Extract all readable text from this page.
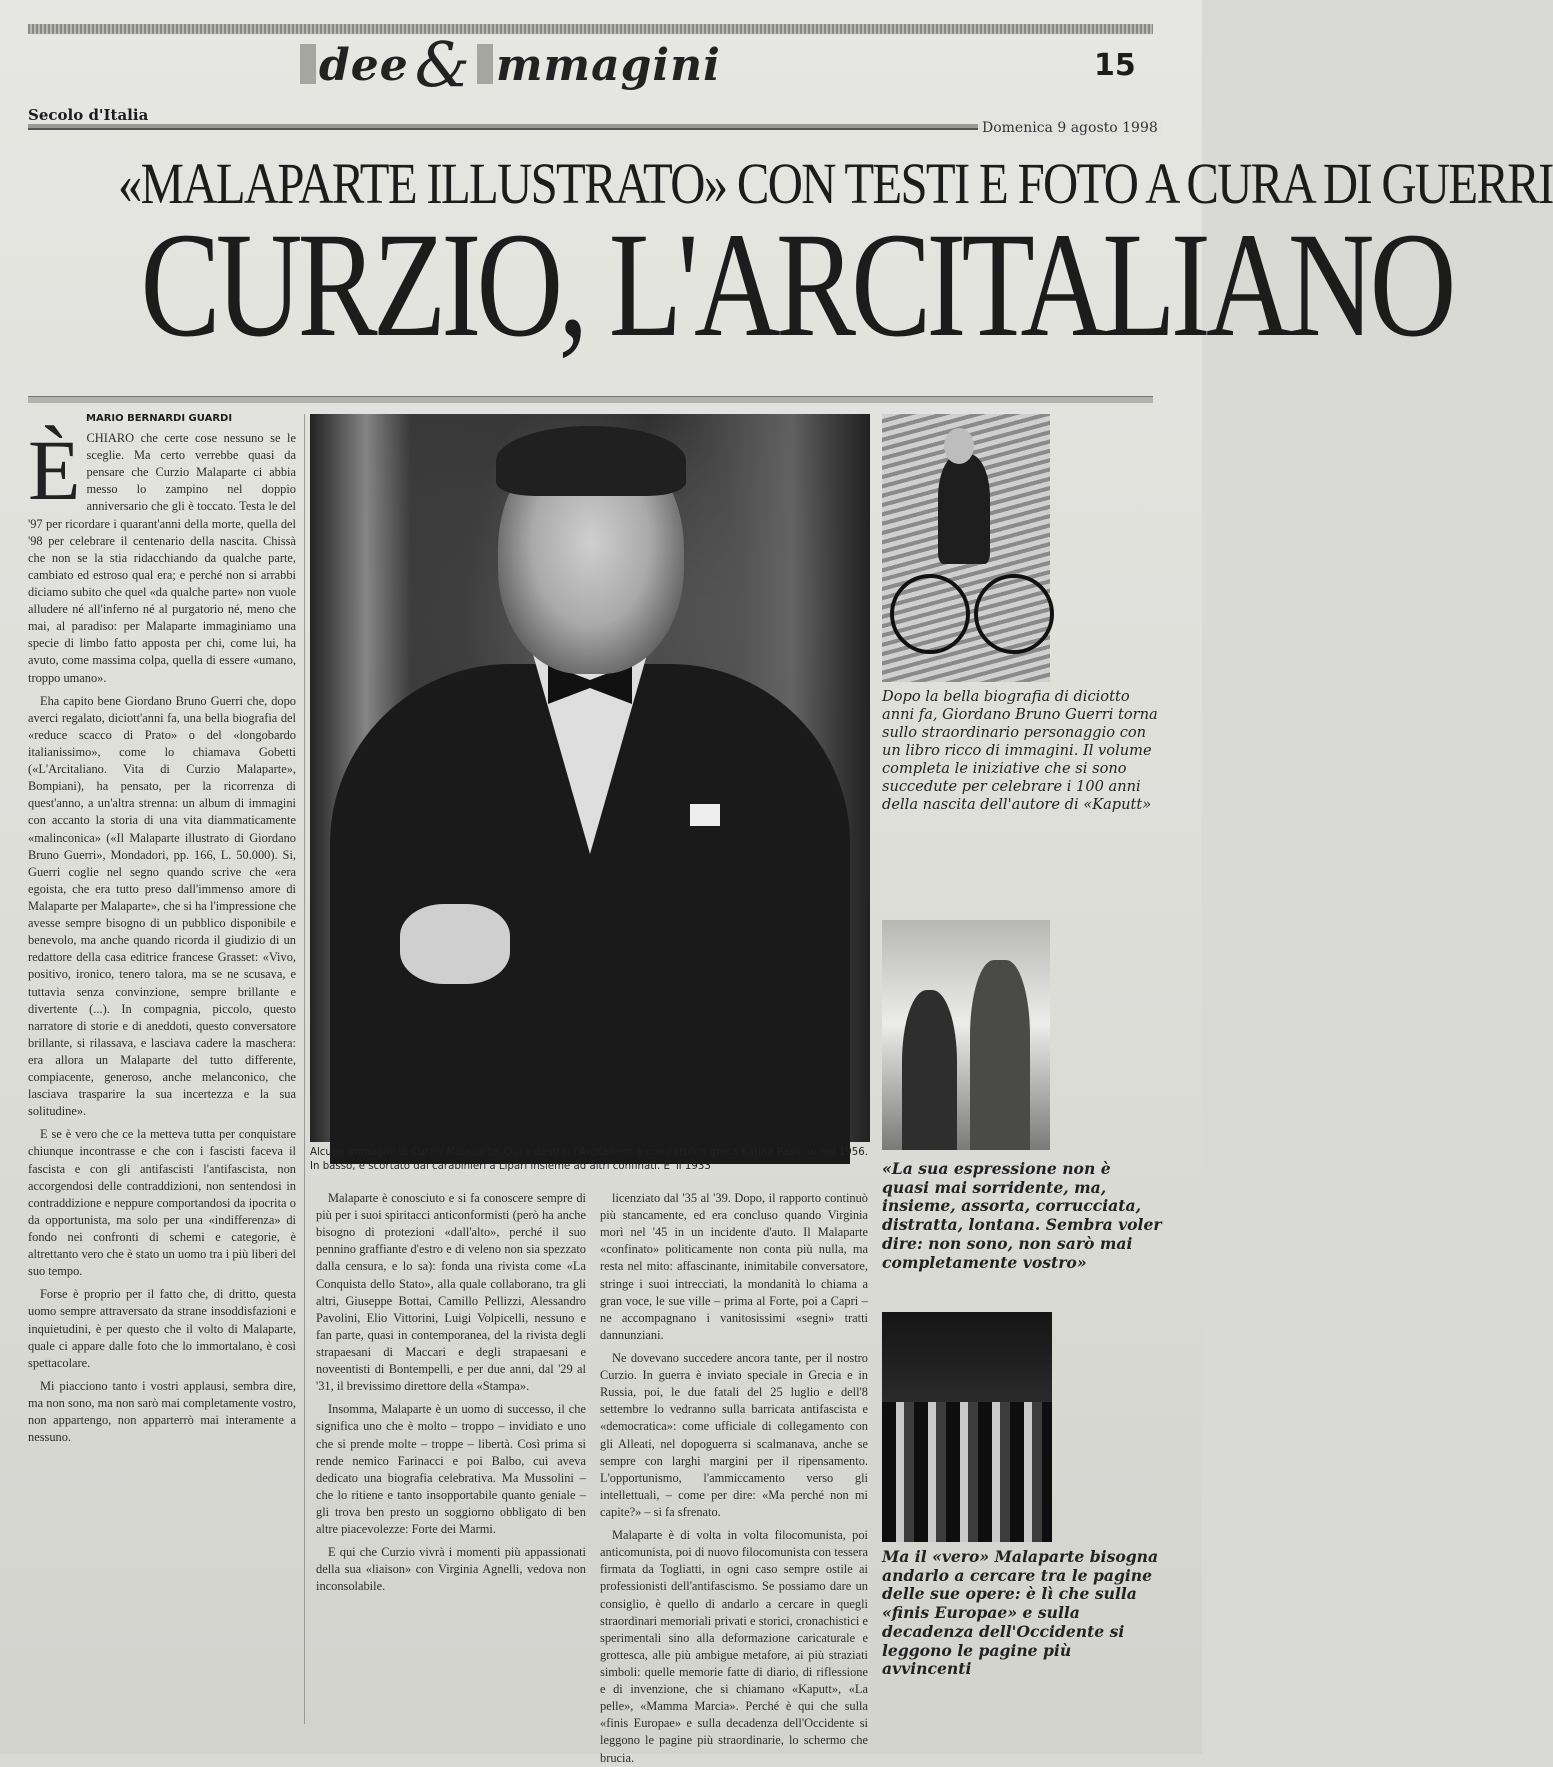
dee& mmagini	15
Secolo d'Italia
Domenica 9 agosto 1998
«MALAPARTE ILLUSTRATO» CON TESTI E FOTO A CURA DI GUERRI
CURZIO, L'ARCITALIANO
MARIO BERNARDI GUARDI
È CHIARO che certe cose nessuno se le sceglie. Ma certo verrebbe quasi da pensare che Curzio Malaparte ci abbia messo lo zampino nel doppio anniversario che gli è toccato. Testa le del '97 per ricordare i quarant'anni della morte, quella del '98 per celebrare il centenario della nascita. Chissà che non se la stia ridacchiando da qualche parte, cambiato ed estroso qual era; e perché non si arrabbi diciamo subito che quel «da qualche parte» non vuole alludere né all'inferno né al purgatorio né, meno che mai, al paradiso: per Malaparte immaginiamo una specie di limbo fatto apposta per chi, come lui, ha avuto, come massima colpa, quella di essere «umano, troppo umano».

Eha capito bene Giordano Bruno Guerri che, dopo averci regalato, diciott'anni fa, una bella biografia del «reduce scacco di Prato» o del «longobardo italianissimo», come lo chiamava Gobetti («L'Arcitaliano. Vita di Curzio Malaparte», Bompiani), ha pensato, per la ricorrenza di quest'anno, a un'altra strenna: un album di immagini con accanto la storia di una vita diammaticamente «malinconica» («Il Malaparte illustrato di Giordano Bruno Guerri», Mondadori, pp. 166, L. 50.000). Si, Guerri coglie nel segno quando scrive che «era egoista, che era tutto preso dall'immenso amore di Malaparte per Malaparte», che si ha l'impressione che avesse sempre bisogno di un pubblico disponibile e benevolo, ma anche quando ricorda il giudizio di un redattore della casa editrice francese Grasset: «Vivo, positivo, ironico, tenero talora, ma se ne scusava, e tuttavia senza convinzione, sempre brillante e divertente (...). In compagnia, piccolo, questo narratore di storie e di aneddoti, questo conversatore brillante, si rilassava, e lasciava cadere la maschera: era allora un Malaparte del tutto differente, compiacente, generoso, anche melanconico, che lasciava trasparire la sua incertezza e la sua solitudine».

E se è vero che ce la metteva tutta per conquistare chiunque incontrasse e che con i fascisti faceva il fascista e con gli antifascisti l'antifascista, non accorgendosi delle contraddizioni, non sentendosi in contraddizione e neppure comportandosi da ipocrita o da opportunista, ma solo per una «indifferenza» di fondo nei confronti di schemi e categorie, è altrettanto vero che è stato un uomo tra i più liberi del suo tempo.

Forse è proprio per il fatto che, di dritto, questa uomo sempre attraversato da strane insoddisfazioni e inquietudini, è per questo che il volto di Malaparte, quale ci appare dalle foto che lo immortalano, è così spettacolare.

Mi piacciono tanto i vostri applausi, sembra dire, ma non sono, ma non sarò mai completamente vostro, non appartengo, non apparterrò mai interamente a nessuno.

Alcune immagini di Curzio Malaparte. Qui a destra: l'Arcitaliano è con l'attrice greca Katina Paxinou nel 1956. In basso, è scortato dai carabinieri a Lipari insieme ad altri confinati. E' il 1933

Malaparte è conosciuto e si fa conoscere sempre di più per i suoi spiritacci anticonformisti (però ha anche bisogno di protezioni «dall'alto», perché il suo pennino graffiante d'estro e di veleno non sia spezzato dalla censura, e lo sa): fonda una rivista come «La Conquista dello Stato», alla quale collaborano, tra gli altri, Giuseppe Bottai, Camillo Pellizzi, Alessandro Pavolini, Elio Vittorini, Luigi Volpicelli, nessuno e fan parte, quasi in contemporanea, del la rivista degli strapaesani di Maccari e degli strapaesani e noveentisti di Bontempelli, e per due anni, dal '29 al '31, il brevissimo direttore della «Stampa».

Insomma, Malaparte è un uomo di successo, il che significa uno che è molto – troppo – invidiato e uno che si prende molte – troppe – libertà. Così prima si rende nemico Farinacci e poi Balbo, cui aveva dedicato una biografia celebrativa. Ma Mussolini – che lo ritiene e tanto insopportabile quanto geniale – gli trova ben presto un soggiorno obbligato di ben altre piacevolezze: Forte dei Marmi.

E qui che Curzio vivrà i momenti più appassionati della sua «liaison» con Virginia Agnelli, vedova non inconsolabile.

licenziato dal '35 al '39. Dopo, il rapporto continuò più stancamente, ed era concluso quando Virginia morì nel '45 in un incidente d'auto. Il Malaparte «confinato» politicamente non conta più nulla, ma resta nel mito: affascinante, inimitabile conversatore, stringe i suoi intrecciati, la mondanità lo chiama a gran voce, le sue ville – prima al Forte, poi a Capri – ne accompagnano i vanitosissimi «segni» tratti dannunziani.

Ne dovevano succedere ancora tante, per il nostro Curzio. In guerra è inviato speciale in Grecia e in Russia, poi, le due fatali del 25 luglio e dell'8 settembre lo vedranno sulla barricata antifascista e «democratica»: come ufficiale di collegamento con gli Alleati, nel dopoguerra si scalmanava, anche se sempre con larghi margini per il ripensamento. L'opportunismo, l'ammiccamento verso gli intellettuali, – come per dire: «Ma perché non mi capite?» – si fa sfrenato.

Malaparte è di volta in volta filocomunista, poi anticomunista, poi di nuovo filocomunista con tessera firmata da Togliatti, in ogni caso sempre ostile ai professionisti dell'antifascismo. Se possiamo dare un consiglio, è quello di andarlo a cercare in quegli straordinari memoriali privati e storici, cronachistici e sperimentali sino alla deformazione caricaturale e grottesca, alle più ambigue metafore, ai più straziati simboli: quelle memorie fatte di diario, di riflessione e di invenzione, che si chiamano «Kaputt», «La pelle», «Mamma Marcia». Perché è qui che sulla «finis Europae» e sulla decadenza dell'Occidente si leggono le pagine più straordinarie, lo schermo che brucia.

Dopo la bella biografia di diciotto anni fa, Giordano Bruno Guerri torna sullo straordinario personaggio con un libro ricco di immagini. Il volume completa le iniziative che si sono succedute per celebrare i 100 anni della nascita dell'autore di «Kaputt»
«La sua espressione non è quasi mai sorridente, ma, insieme, assorta, corrucciata, distratta, lontana. Sembra voler dire: non sono, non sarò mai completamente vostro»
Ma il «vero» Malaparte bisogna andarlo a cercare tra le pagine delle sue opere: è lì che sulla «finis Europae» e sulla decadenza dell'Occidente si leggono le pagine più avvincenti
